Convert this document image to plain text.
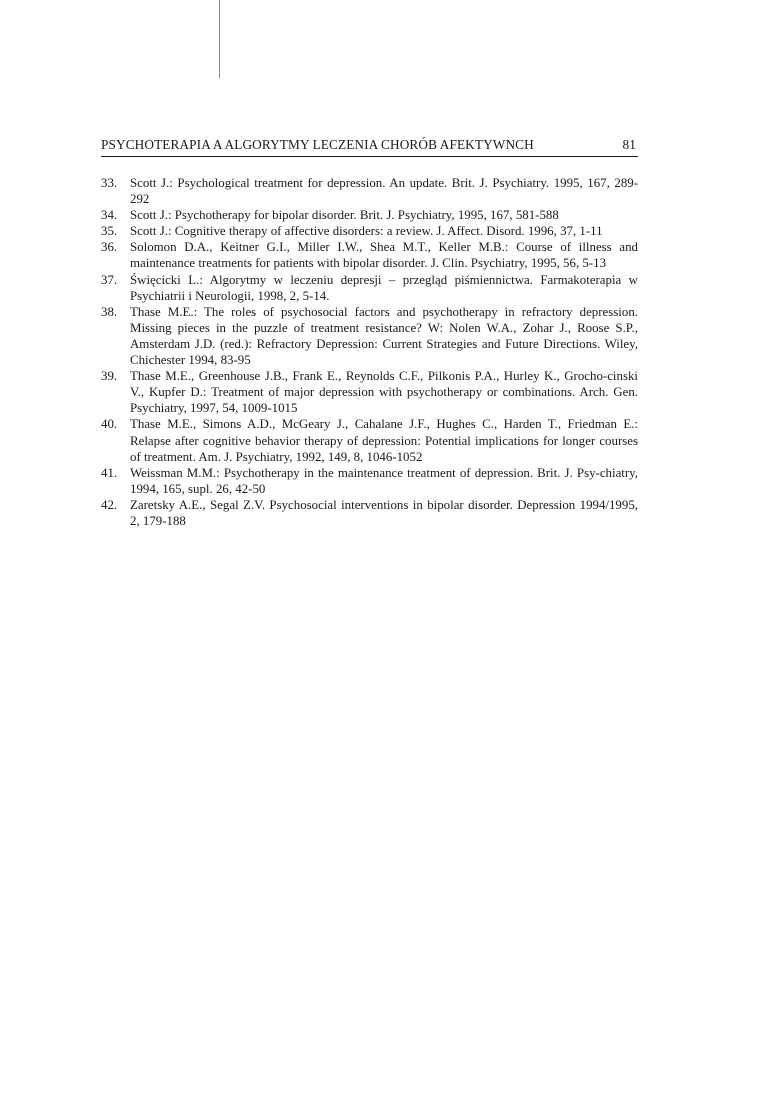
PSYCHOTERAPIA A ALGORYTMY LECZENIA CHORÓB AFEKTYWNCH	81
33. Scott J.: Psychological treatment for depression. An update. Brit. J. Psychiatry. 1995, 167, 289-292
34. Scott J.: Psychotherapy for bipolar disorder. Brit. J. Psychiatry, 1995, 167, 581-588
35. Scott J.: Cognitive therapy of affective disorders: a review. J. Affect. Disord. 1996, 37, 1-11
36. Solomon D.A., Keitner G.I., Miller I.W., Shea M.T., Keller M.B.: Course of illness and maintenance treatments for patients with bipolar disorder. J. Clin. Psychiatry, 1995, 56, 5-13
37. Święcicki L.: Algorytmy w leczeniu depresji – przegląd piśmiennictwa. Farmakoterapia w Psychiatrii i Neurologii, 1998, 2, 5-14.
38. Thase M.E.: The roles of psychosocial factors and psychotherapy in refractory depression. Missing pieces in the puzzle of treatment resistance? W: Nolen W.A., Zohar J., Roose S.P., Amsterdam J.D. (red.): Refractory Depression: Current Strategies and Future Directions. Wiley, Chichester 1994, 83-95
39. Thase M.E., Greenhouse J.B., Frank E., Reynolds C.F., Pilkonis P.A., Hurley K., Grocho-cinski V., Kupfer D.: Treatment of major depression with psychotherapy or combinations. Arch. Gen. Psychiatry, 1997, 54, 1009-1015
40. Thase M.E., Simons A.D., McGeary J., Cahalane J.F., Hughes C., Harden T., Friedman E.: Relapse after cognitive behavior therapy of depression: Potential implications for longer courses of treatment. Am. J. Psychiatry, 1992, 149, 8, 1046-1052
41. Weissman M.M.: Psychotherapy in the maintenance treatment of depression. Brit. J. Psy-chiatry, 1994, 165, supl. 26, 42-50
42. Zaretsky A.E., Segal Z.V. Psychosocial interventions in bipolar disorder. Depression 1994/1995, 2, 179-188
